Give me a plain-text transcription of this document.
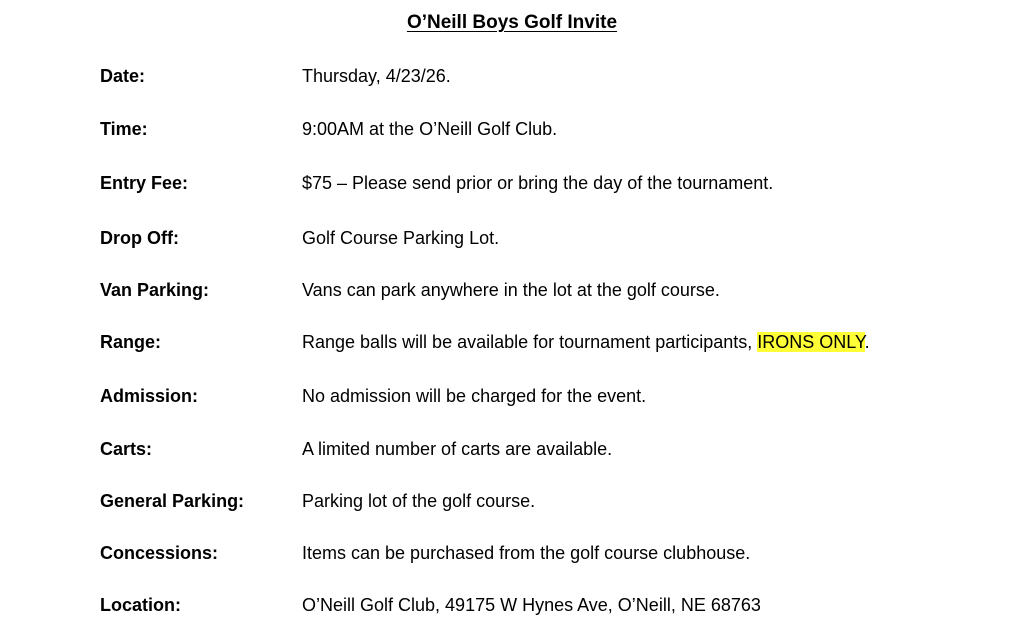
O’Neill Boys Golf Invite
Date:	Thursday, 4/23/26.
Time:	9:00AM at the O’Neill Golf Club.
Entry Fee:	$75 – Please send prior or bring the day of the tournament.
Drop Off:	Golf Course Parking Lot.
Van Parking:	Vans can park anywhere in the lot at the golf course.
Range:	Range balls will be available for tournament participants, IRONS ONLY.
Admission:	No admission will be charged for the event.
Carts:	A limited number of carts are available.
General Parking:	Parking lot of the golf course.
Concessions:	Items can be purchased from the golf course clubhouse.
Location:	O’Neill Golf Club, 49175 W Hynes Ave, O’Neill, NE 68763
